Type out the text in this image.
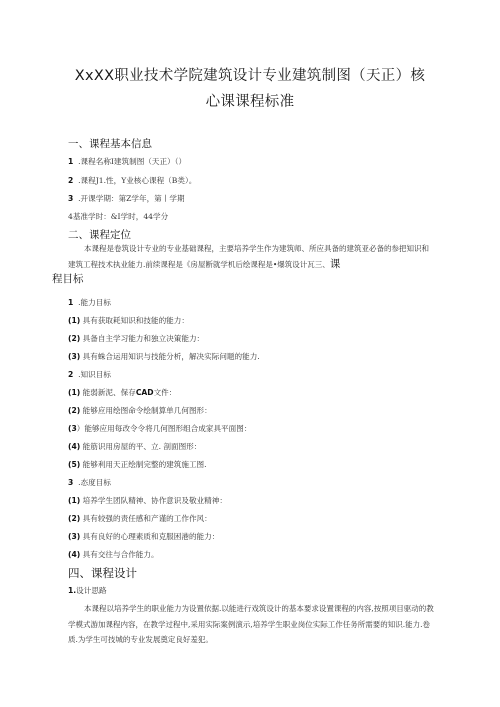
XxXX职业技术学院建筑设计专业建筑制图（天正）核
心课课程标准
一、课程基本信息
1 .课程名称I建筑制图（天正）（）
2 .课程J1.性，Y业核心课程（B类）。
3 .开课学期：第Z学年，第丨学期
4基准学时：&I学时，44学分
二、课程定位
本课程是卷筑设计专业的专业基础课程，主要培养学生作为建筑师、所应具备的建筑亚必备的参把知识和建筑工程技术执业能力.前续课程是《房屋断就学机后绘课程是•爆筑设计瓦三、课
程目标
1 .能力目标
(1) 具有获取耗知识和技能的能力：
(2) 具备自主学习能力和独立决策能力：
(3) 具有蛛合运用知识与技能分析，解决实际问题的能力.
2 .知识目标
(1) 能弱新泥、保存CAD文件：
(2) 能够应用绘图命令绘制算单几何图形：
(3）能够应用每改令令将几何图形组合成家具平面图：
(4) 能筋识用房屋的平、立. 剖面图形：
(5) 能够利用天正绘制完整的建筑施工图.
3 .态度目标
(1) 培养学生团队精神、协作意识及敬业精神：
(2) 具有较强的责任感和产谨的工作作风：
(3) 具有良好的心理素质和克服困港的能力：
(4) 具有交往与合作能力。
四、课程设计
1.设计思路
本课程以培养学生的职业能力为设置依据.以能进行戏筑设计的基本要求设置课程的内容,按照项目驱动的教学模式游加课程内容，在教学过程中,采用实际案例演示,培养学生职业岗位实际工作任务所需要的知识.能力.卷质.为学生可技城的专业发展奠定良好羞犯。
